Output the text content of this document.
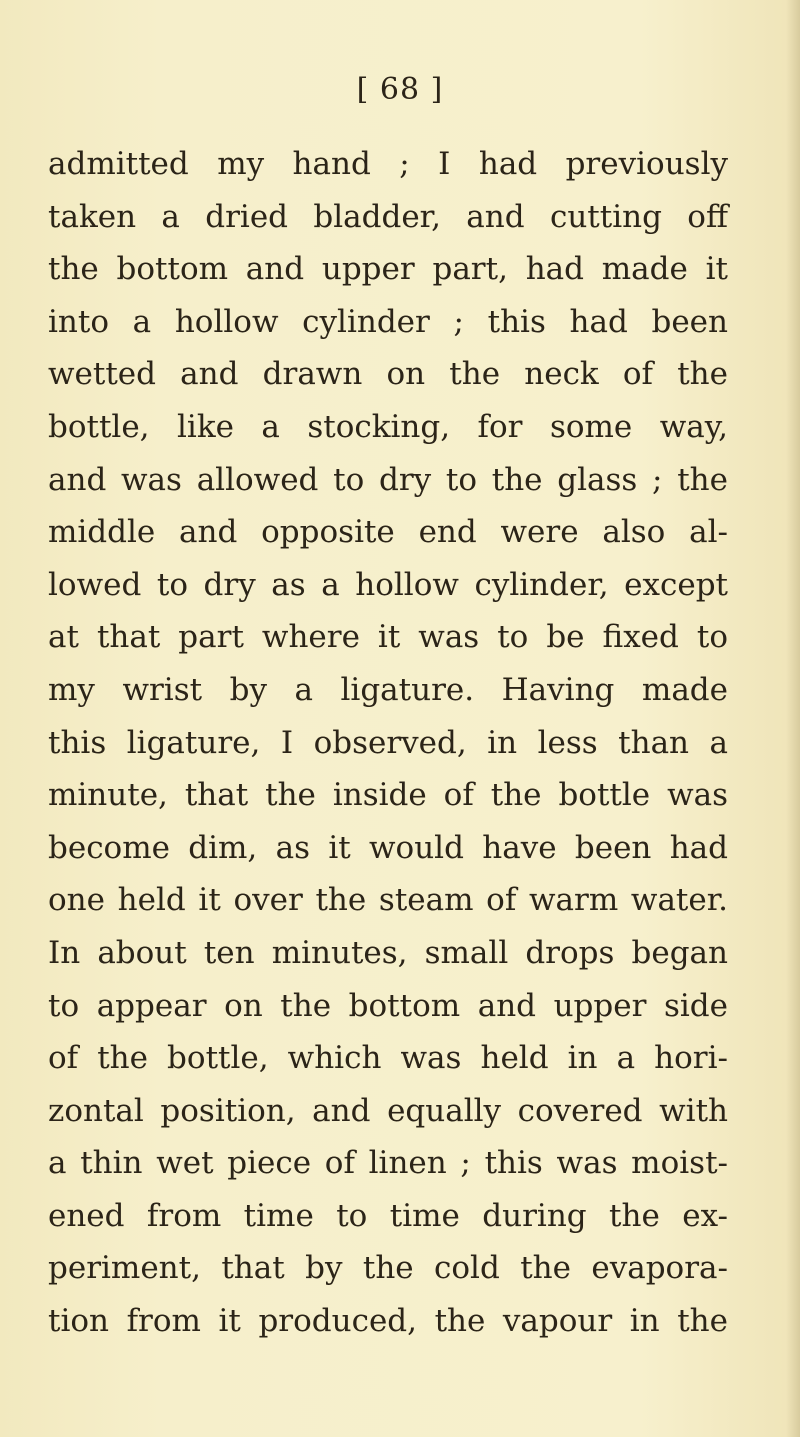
[ 68 ]
admitted my hand ; I had previously
taken a dried bladder, and cutting off
the bottom and upper part, had made it
into a hollow cylinder ; this had been
wetted and drawn on the neck of the
bottle, like a stocking, for some way,
and was allowed to dry to the glass ; the
middle and opposite end were also al-
lowed to dry as a hollow cylinder, except
at that part where it was to be fixed to
my wrist by a ligature. Having made
this ligature, I observed, in less than a
minute, that the inside of the bottle was
become dim, as it would have been had
one held it over the steam of warm water.
In about ten minutes, small drops began
to appear on the bottom and upper side
of the bottle, which was held in a hori-
zontal position, and equally covered with
a thin wet piece of linen ; this was moist-
ened from time to time during the ex-
periment, that by the cold the evapora-
tion from it produced, the vapour in the
